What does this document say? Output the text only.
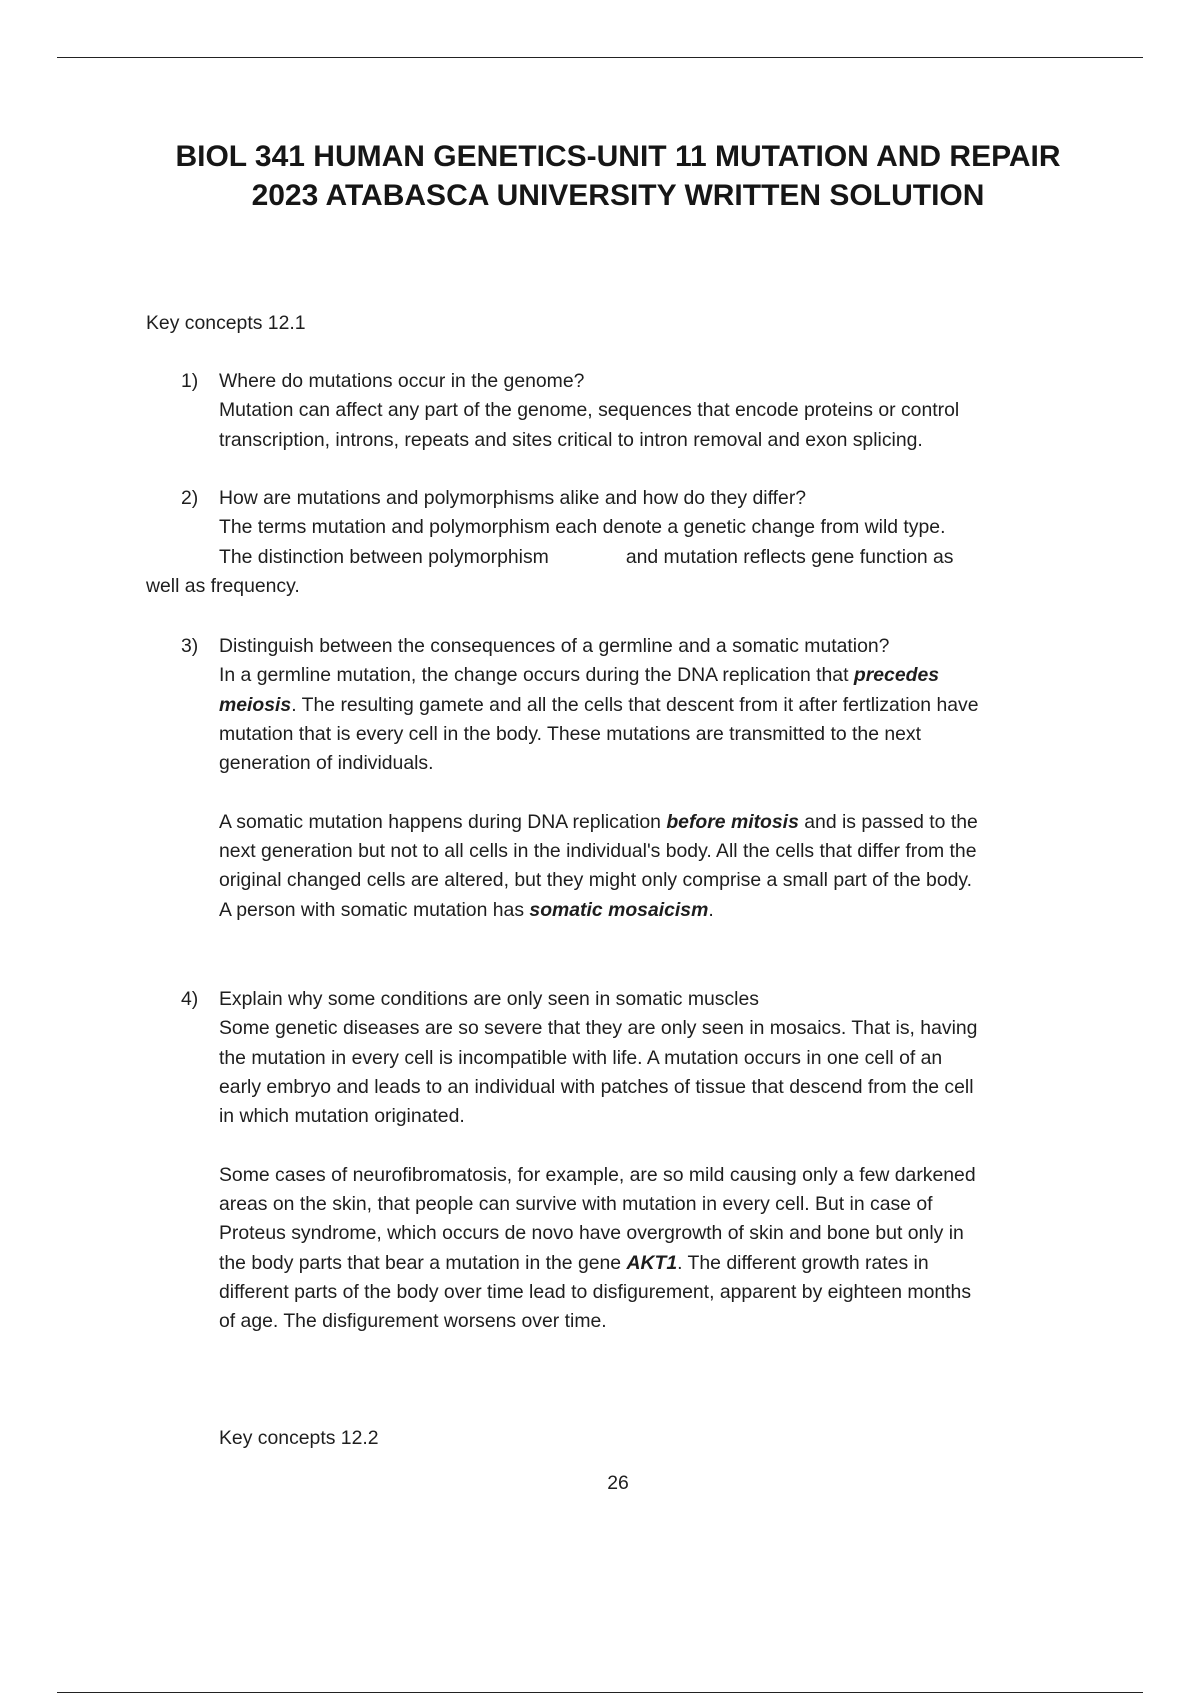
BIOL 341 HUMAN GENETICS-UNIT 11 MUTATION AND REPAIR
2023 ATABASCA UNIVERSITY WRITTEN SOLUTION

Key concepts 12.1

1)	Where do mutations occur in the genome?
Mutation can affect any part of the genome, sequences that encode proteins or control
transcription, introns, repeats and sites critical to intron removal and exon splicing.
2)	How are mutations and polymorphisms alike and how do they differ?
The terms mutation and polymorphism each denote a genetic change from wild type.
The distinction between polymorphism	and mutation reflects gene function as
well as frequency.
3)	Distinguish between the consequences of a germline and a somatic mutation?
In a germline mutation, the change occurs during the DNA replication that precedes
meiosis. The resulting gamete and all the cells that descent from it after fertlization have
mutation that is every cell in the body. These mutations are transmitted to the next
generation of individuals.
A somatic mutation happens during DNA replication before mitosis and is passed to the
next generation but not to all cells in the individual's body. All the cells that differ from the
original changed cells are altered, but they might only comprise a small part of the body.
A person with somatic mutation has somatic mosaicism.
4)	Explain why some conditions are only seen in somatic muscles
Some genetic diseases are so severe that they are only seen in mosaics. That is, having
the mutation in every cell is incompatible with life. A mutation occurs in one cell of an
early embryo and leads to an individual with patches of tissue that descend from the cell
in which mutation originated.
Some cases of neurofibromatosis, for example, are so mild causing only a few darkened
areas on the skin, that people can survive with mutation in every cell. But in case of
Proteus syndrome, which occurs de novo have overgrowth of skin and bone but only in
the body parts that bear a mutation in the gene AKT1. The different growth rates in
different parts of the body over time lead to disfigurement, apparent by eighteen months
of age. The disfigurement worsens over time.

Key concepts 12.2

26
